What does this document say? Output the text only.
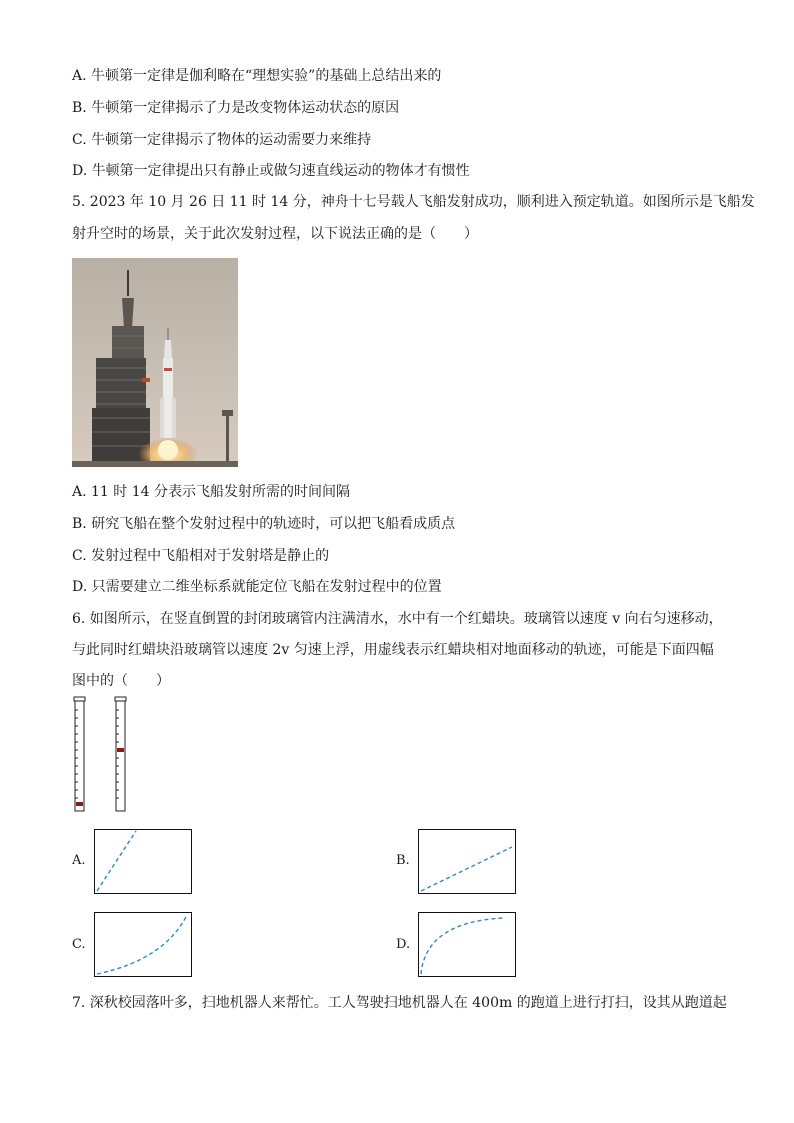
A. 牛顿第一定律是伽利略在“理想实验”的基础上总结出来的
B. 牛顿第一定律揭示了力是改变物体运动状态的原因
C. 牛顿第一定律揭示了物体的运动需要力来维持
D. 牛顿第一定律提出只有静止或做匀速直线运动的物体才有惯性
5. 2023 年 10 月 26 日 11 时 14 分，神舟十七号载人飞船发射成功，顺利进入预定轨道。如图所示是飞船发
射升空时的场景，关于此次发射过程，以下说法正确的是（　　）
A. 11 时 14 分表示飞船发射所需的时间间隔
B. 研究飞船在整个发射过程中的轨迹时，可以把飞船看成质点
C. 发射过程中飞船相对于发射塔是静止的
D. 只需要建立二维坐标系就能定位飞船在发射过程中的位置
6. 如图所示，在竖直倒置的封闭玻璃管内注满清水，水中有一个红蜡块。玻璃管以速度 v 向右匀速移动，
与此同时红蜡块沿玻璃管以速度 2v 匀速上浮，用虚线表示红蜡块相对地面移动的轨迹，可能是下面四幅
图中的（　　）
A.	B.
C.	D.
7. 深秋校园落叶多，扫地机器人来帮忙。工人驾驶扫地机器人在 400m 的跑道上进行打扫，设其从跑道起
